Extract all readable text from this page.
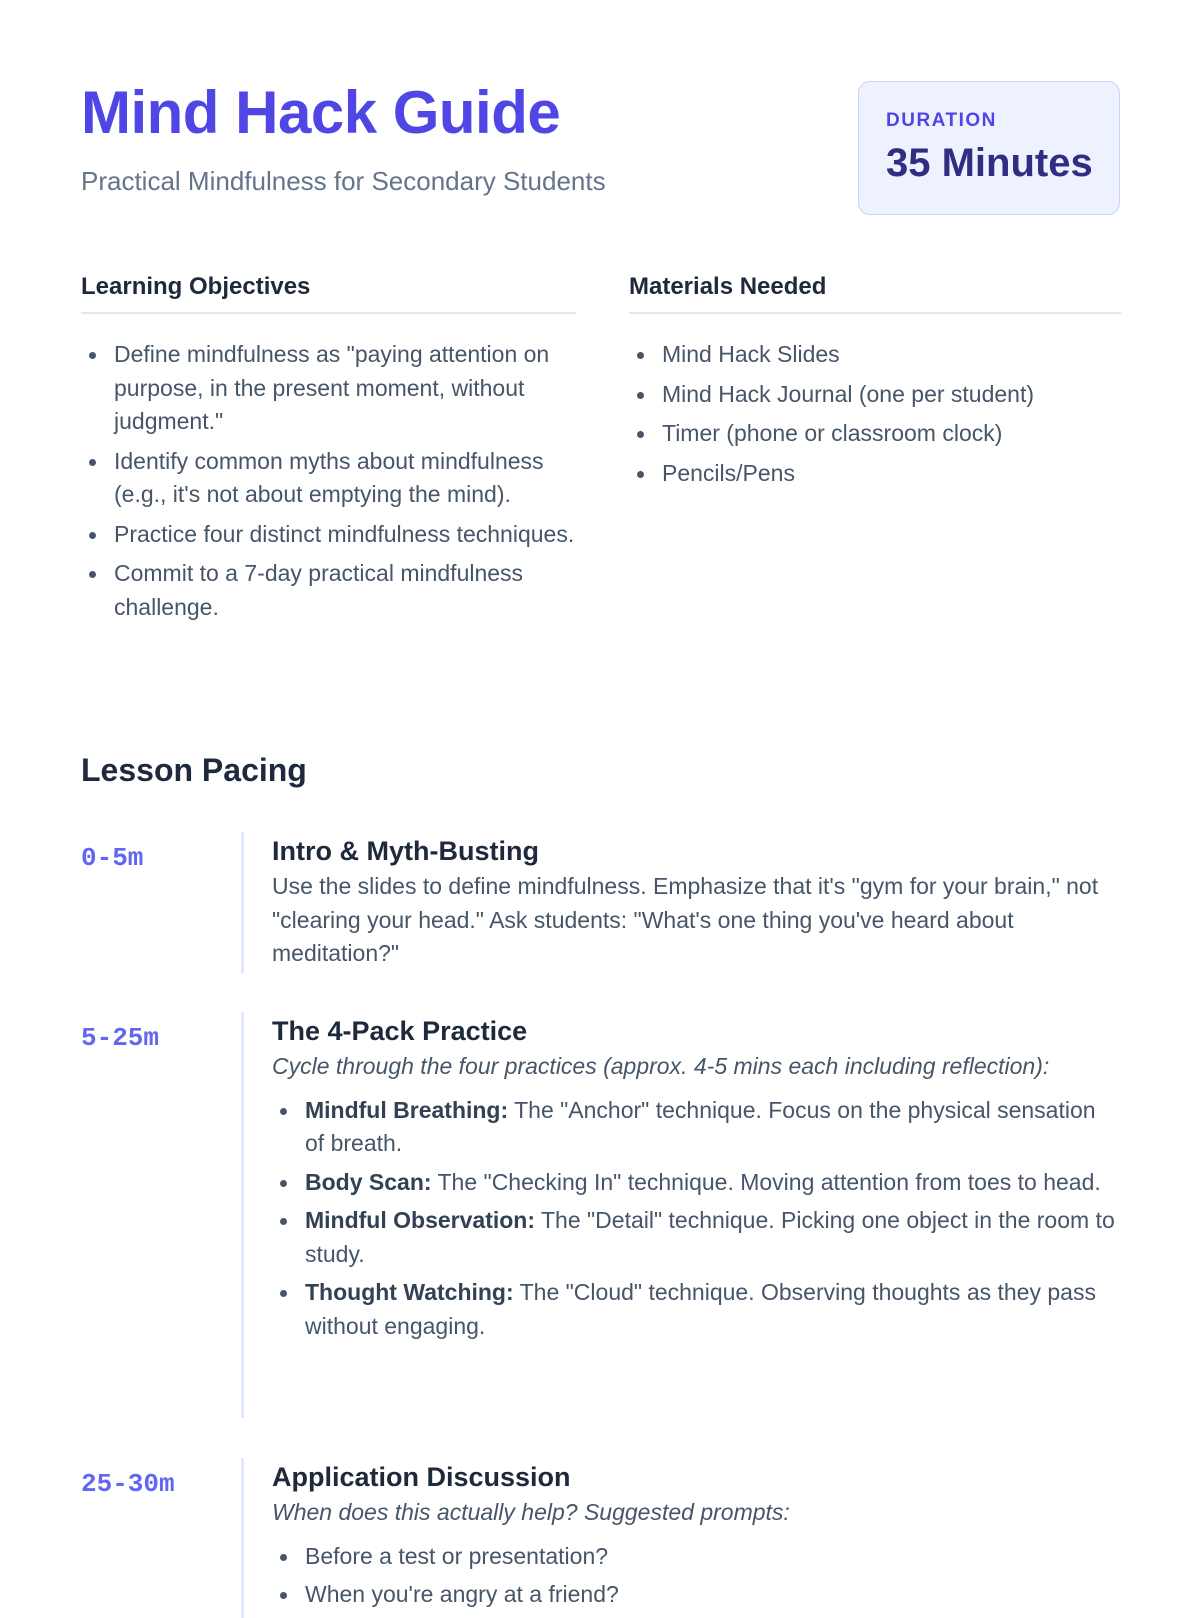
Mind Hack Guide

Practical Mindfulness for Secondary Students

DURATION
35 Minutes
Learning Objectives
Define mindfulness as "paying attention on purpose, in the present moment, without judgment."
Identify common myths about mindfulness (e.g., it's not about emptying the mind).
Practice four distinct mindfulness techniques.
Commit to a 7-day practical mindfulness challenge.
Materials Needed
Mind Hack Slides
Mind Hack Journal (one per student)
Timer (phone or classroom clock)
Pencils/Pens
Lesson Pacing
0-5m	Intro & Myth-Busting

Use the slides to define mindfulness. Emphasize that it's "gym for your brain," not "clearing your head." Ask students: "What's one thing you've heard about meditation?"

5-25m	The 4-Pack Practice

Cycle through the four practices (approx. 4-5 mins each including reflection):

Mindful Breathing: The "Anchor" technique. Focus on the physical sensation of breath.
Body Scan: The "Checking In" technique. Moving attention from toes to head.
Mindful Observation: The "Detail" technique. Picking one object in the room to study.
Thought Watching: The "Cloud" technique. Observing thoughts as they pass without engaging.
25-30m	Application Discussion

When does this actually help? Suggested prompts:

Before a test or presentation?
When you're angry at a friend?
